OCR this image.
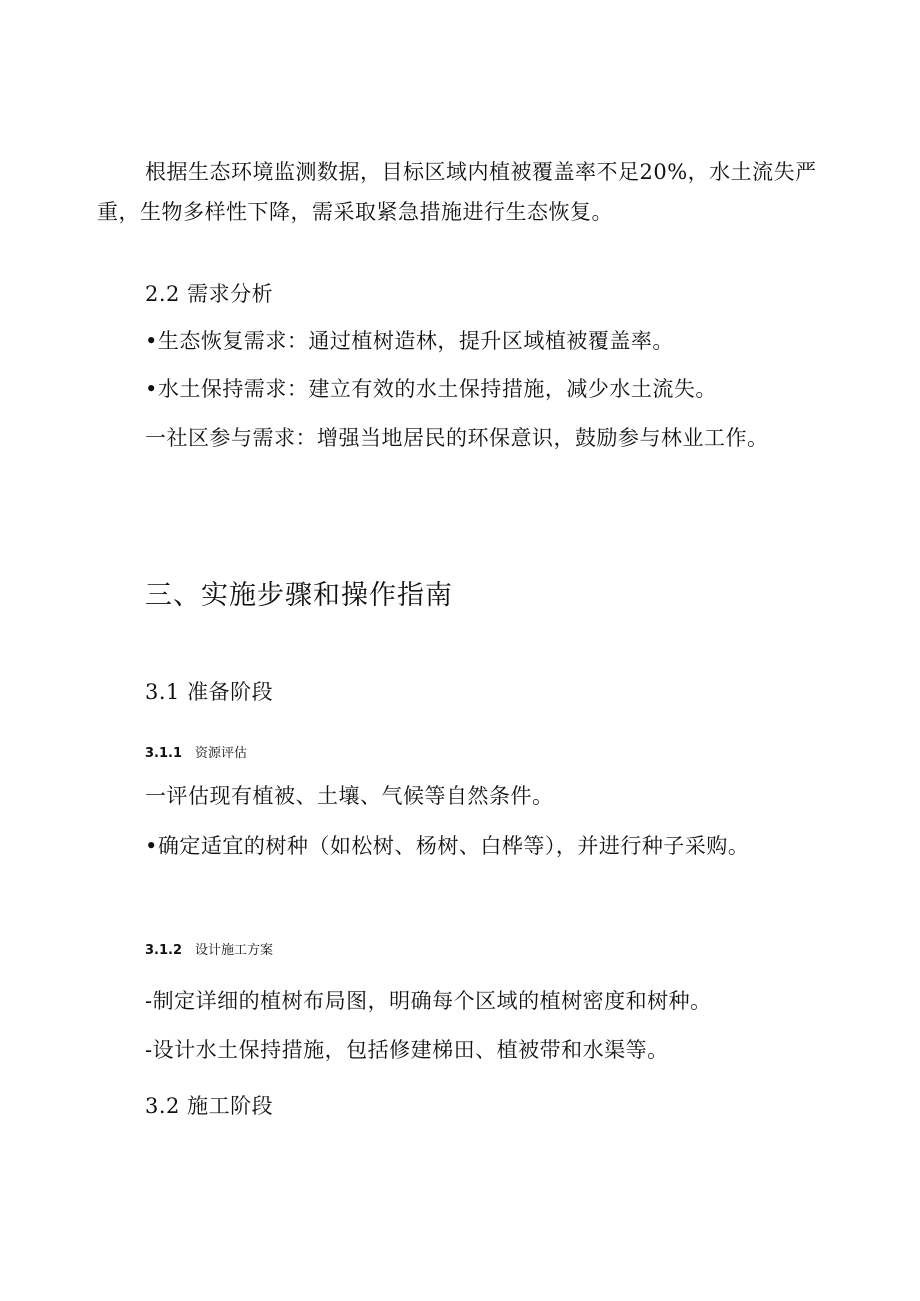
根据生态环境监测数据，目标区域内植被覆盖率不足20%，水土流失严重，生物多样性下降，需采取紧急措施进行生态恢复。

2.2 需求分析
•生态恢复需求：通过植树造林，提升区域植被覆盖率。
•水土保持需求：建立有效的水土保持措施，减少水土流失。

一社区参与需求：增强当地居民的环保意识，鼓励参与林业工作。

三、实施步骤和操作指南
3.1 准备阶段
3.1.1 资源评估
一评估现有植被、土壤、气候等自然条件。
•确定适宜的树种（如松树、杨树、白桦等），并进行种子采购。
3.1.2 设计施工方案
-制定详细的植树布局图，明确每个区域的植树密度和树种。
-设计水土保持措施，包括修建梯田、植被带和水渠等。
3.2 施工阶段
